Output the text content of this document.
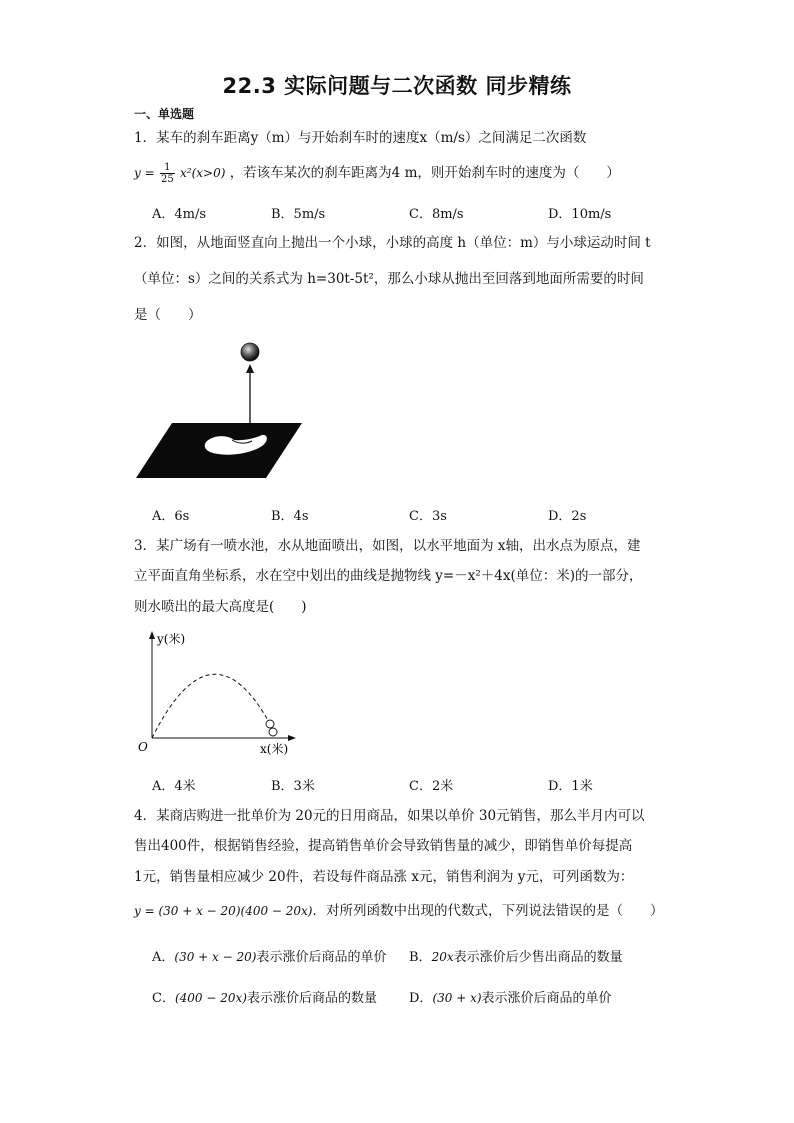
22.3 实际问题与二次函数 同步精练
一、单选题
1．某车的刹车距离y（m）与开始刹车时的速度x（m/s）之间满足二次函数
$y = \frac{1}{25} x^2(x>0)$ ，若该车某次的刹车距离为4 m，则开始刹车时的速度为（　　）
A．4m/s	B．5m/s	C．8m/s	D．10m/s
2．如图，从地面竖直向上抛出一个小球，小球的高度 h（单位：m）与小球运动时间 t
（单位：s）之间的关系式为 h=30t-5t²，那么小球从抛出至回落到地面所需要的时间
是（　　）
A．6s	B．4s	C．3s	D．2s
3．某广场有一喷水池，水从地面喷出，如图，以水平地面为 x轴，出水点为原点，建
立平面直角坐标系，水在空中划出的曲线是抛物线 y=－x²＋4x(单位：米)的一部分，
则水喷出的最大高度是(　　)
y(米)
x(米)
O
A．4米	B．3米	C．2米	D．1米
4．某商店购进一批单价为 20元的日用商品，如果以单价 30元销售，那么半月内可以
售出400件，根据销售经验，提高销售单价会导致销售量的减少，即销售单价每提高
1元，销售量相应减少 20件，若设每件商品涨 x元，销售利润为 y元，可列函数为：
y = (30 + x − 20)(400 − 20x)．对所列函数中出现的代数式，下列说法错误的是（　　）
A．(30 + x − 20)表示涨价后商品的单价 B．20x表示涨价后少售出商品的数量
C．(400 − 20x)表示涨价后商品的数量 D．(30 + x)表示涨价后商品的单价
